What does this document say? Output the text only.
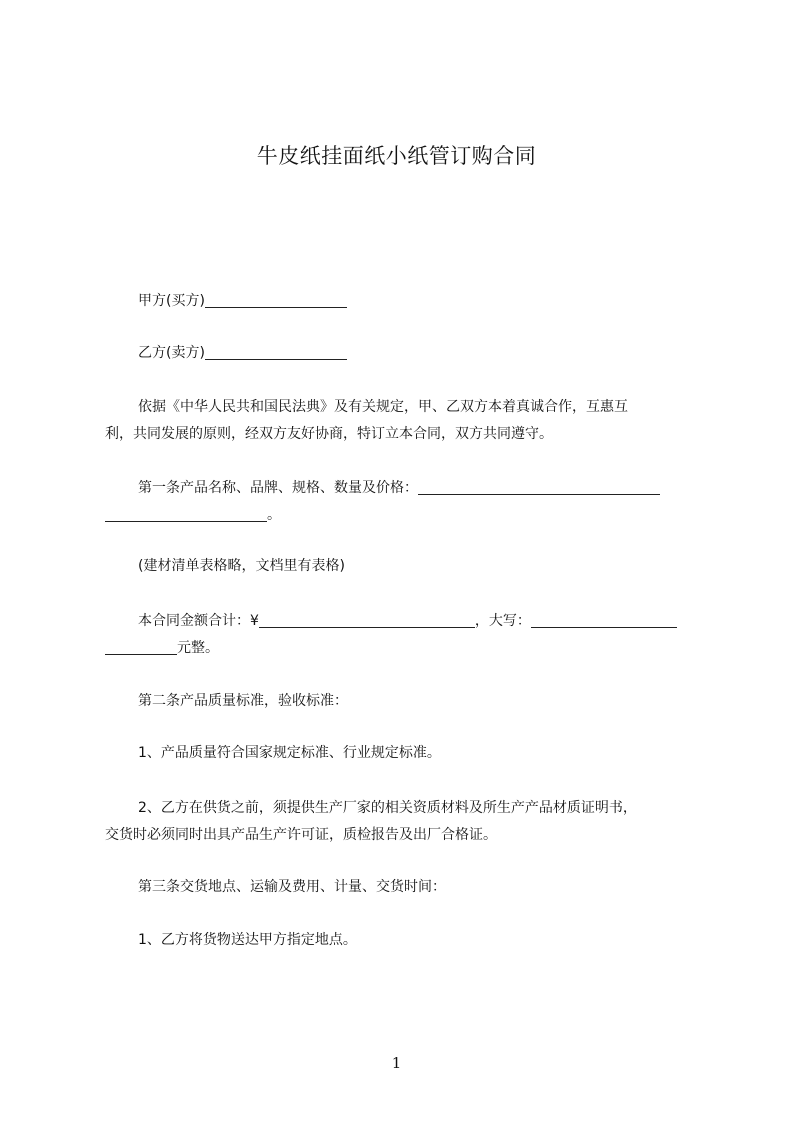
牛皮纸挂面纸小纸管订购合同
甲方(买方)
乙方(卖方)
依据《中华人民共和国民法典》及有关规定，甲、乙双方本着真诚合作，互惠互
利，共同发展的原则，经双方友好协商，特订立本合同，双方共同遵守。
第一条产品名称、品牌、规格、数量及价格：
。
(建材清单表格略，文档里有表格)
本合同金额合计：¥	，大写：
元整。
第二条产品质量标准，验收标准：
1、产品质量符合国家规定标准、行业规定标准。
2、乙方在供货之前，须提供生产厂家的相关资质材料及所生产产品材质证明书，
交货时必须同时出具产品生产许可证，质检报告及出厂合格证。
第三条交货地点、运输及费用、计量、交货时间：
1、乙方将货物送达甲方指定地点。
1
